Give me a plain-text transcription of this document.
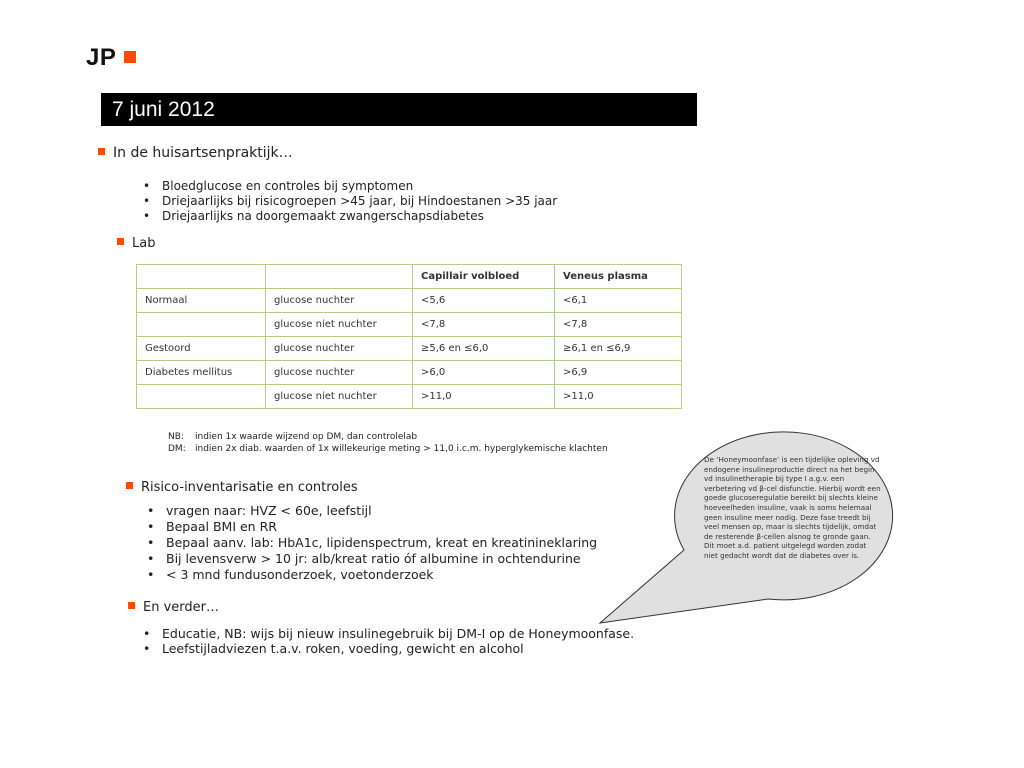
JP
7 juni 2012
In de huisartsenpraktijk…
• Bloedglucose en controles bij symptomen
• Driejaarlijks bij risicogroepen >45 jaar, bij Hindoestanen >35 jaar
• Driejaarlijks na doorgemaakt zwangerschapsdiabetes
Lab
		Capillair volbloed	Veneus plasma
Normaal	glucose nuchter	<5,6	<6,1
	glucose niet nuchter	<7,8	<7,8
Gestoord	glucose nuchter	≥5,6 en ≤6,0	≥6,1 en ≤6,9
Diabetes mellitus	glucose nuchter	>6,0	>6,9
	glucose niet nuchter	>11,0	>11,0
NB: indien 1x waarde wijzend op DM, dan controlelab
DM: indien 2x diab. waarden of 1x willekeurige meting > 11,0 i.c.m. hyperglykemische klachten
Risico-inventarisatie en controles
• vragen naar: HVZ < 60e, leefstijl
• Bepaal BMI en RR
• Bepaal aanv. lab: HbA1c, lipidenspectrum, kreat en kreatinineklaring
• Bij levensverw > 10 jr: alb/kreat ratio óf albumine in ochtendurine
• < 3 mnd fundusonderzoek, voetonderzoek
En verder…
• Educatie, NB: wijs bij nieuw insulinegebruik bij DM-I op de Honeymoonfase.
• Leefstijladviezen t.a.v. roken, voeding, gewicht en alcohol
De ‘Honeymoonfase’ is een tijdelijke opleving vd endogene insulineproductie direct na het begin vd insulinetherapie bij type I a.g.v. een verbetering vd β-cel disfunctie. Hierbij wordt een goede glucoseregulatie bereikt bij slechts kleine hoeveelheden insuline, vaak is soms helemaal geen insuline meer nodig. Deze fase treedt bij veel mensen op, maar is slechts tijdelijk, omdat de resterende β-cellen alsnog te gronde gaan. Dit moet a.d. patient uitgelegd worden zodat niet gedacht wordt dat de diabetes over is.
